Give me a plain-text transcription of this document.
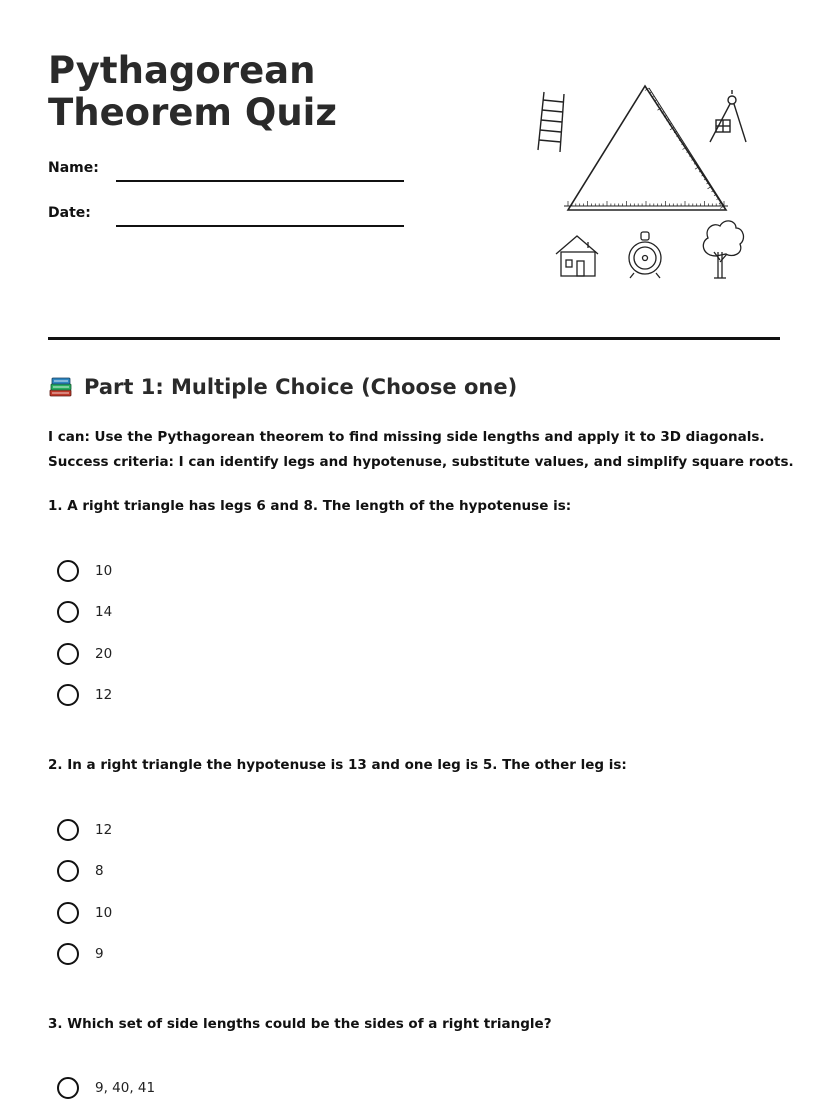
Pythagorean Theorem Quiz
Name:
Date:
Part 1: Multiple Choice (Choose one)

I can: Use the Pythagorean theorem to find missing side lengths and apply it to 3D diagonals.

Success criteria: I can identify legs and hypotenuse, substitute values, and simplify square roots.

1. A right triangle has legs 6 and 8. The length of the hypotenuse is:

10
14
20
12

2. In a right triangle the hypotenuse is 13 and one leg is 5. The other leg is:

12
8
10
9

3. Which set of side lengths could be the sides of a right triangle?

9, 40, 41
